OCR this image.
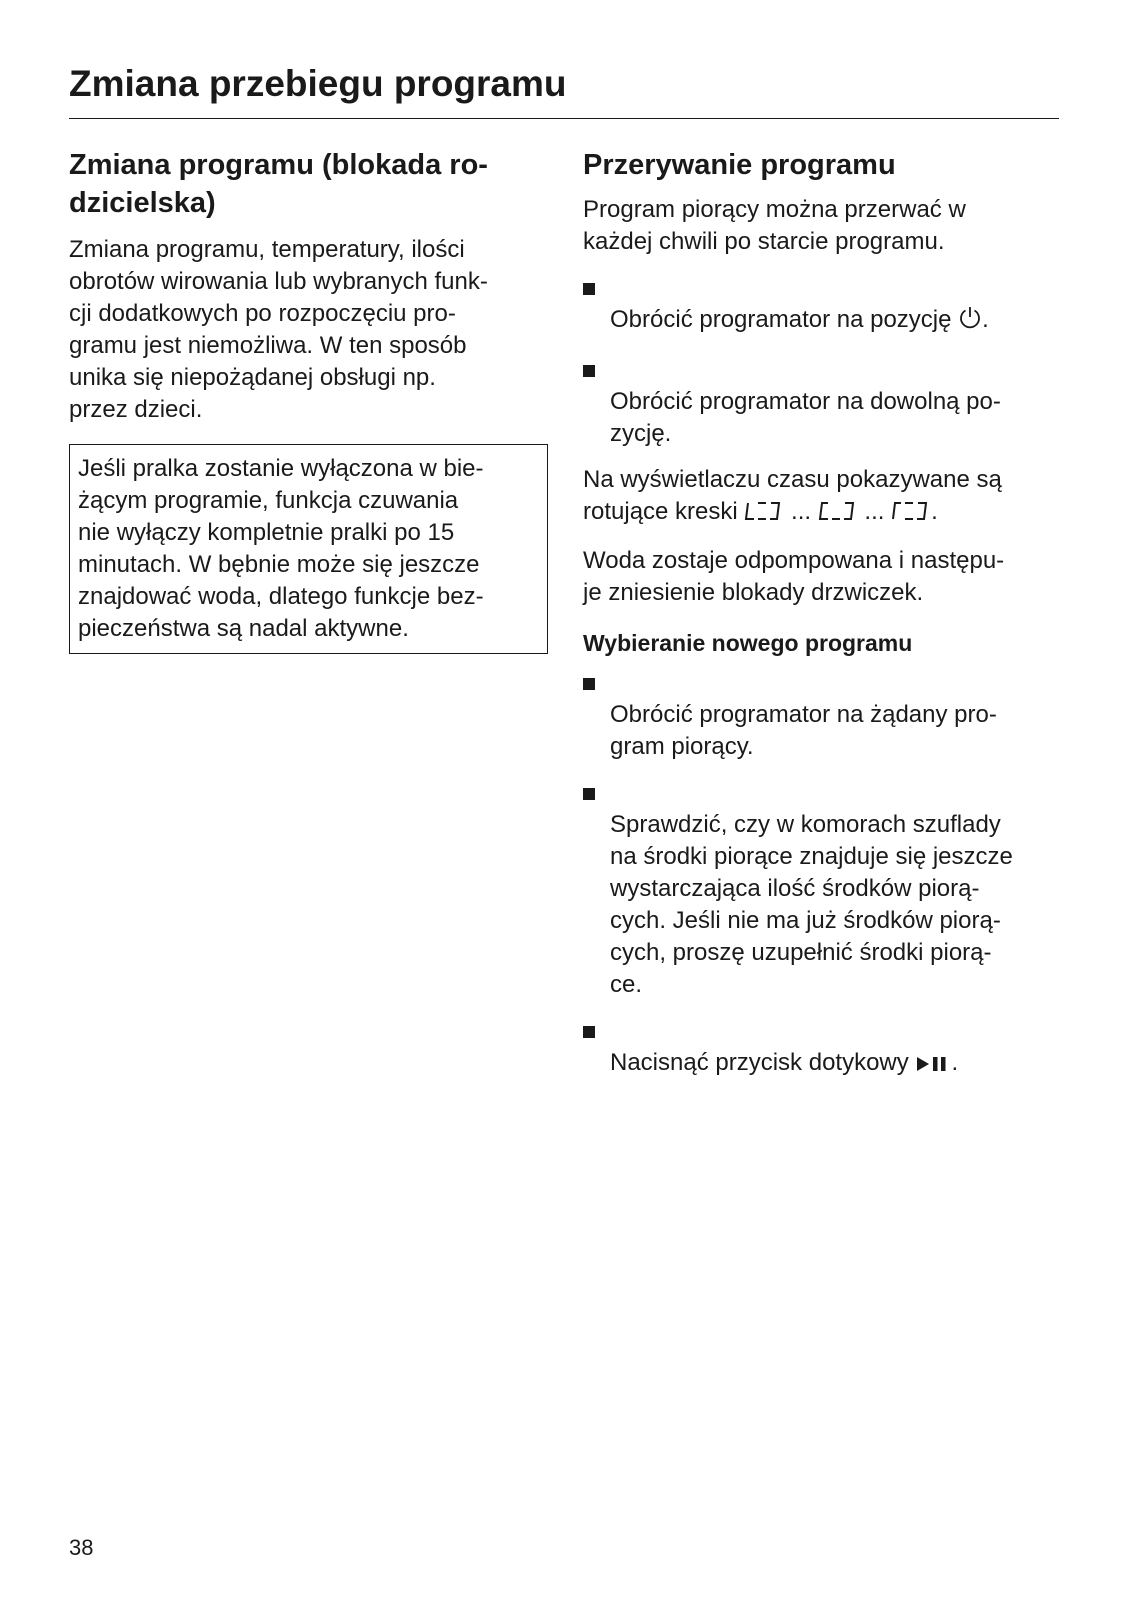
Zmiana przebiegu programu
Zmiana programu (blokada ro-
dzicielska)

Zmiana programu, temperatury, ilości
obrotów wirowania lub wybranych funk-
cji dodatkowych po rozpoczęciu pro-
gramu jest niemożliwa. W ten sposób
unika się niepożądanej obsługi np.
przez dzieci.

Jeśli pralka zostanie wyłączona w bie-
żącym programie, funkcja czuwania
nie wyłączy kompletnie pralki po 15
minutach. W bębnie może się jeszcze
znajdować woda, dlatego funkcje bez-
pieczeństwa są nadal aktywne.
Przerywanie programu

Program piorący można przerwać w
każdej chwili po starcie programu.

Obrócić programator na pozycję .

Obrócić programator na dowolną po-
zycję.

Na wyświetlaczu czasu pokazywane są
rotujące kreski  ...  ... .

Woda zostaje odpompowana i następu-
je zniesienie blokady drzwiczek.

Wybieranie nowego programu

Obrócić programator na żądany pro-
gram piorący.

Sprawdzić, czy w komorach szuflady
na środki piorące znajduje się jeszcze
wystarczająca ilość środków piorą-
cych. Jeśli nie ma już środków piorą-
cych, proszę uzupełnić środki piorą-
ce.

Nacisnąć przycisk dotykowy .

38
